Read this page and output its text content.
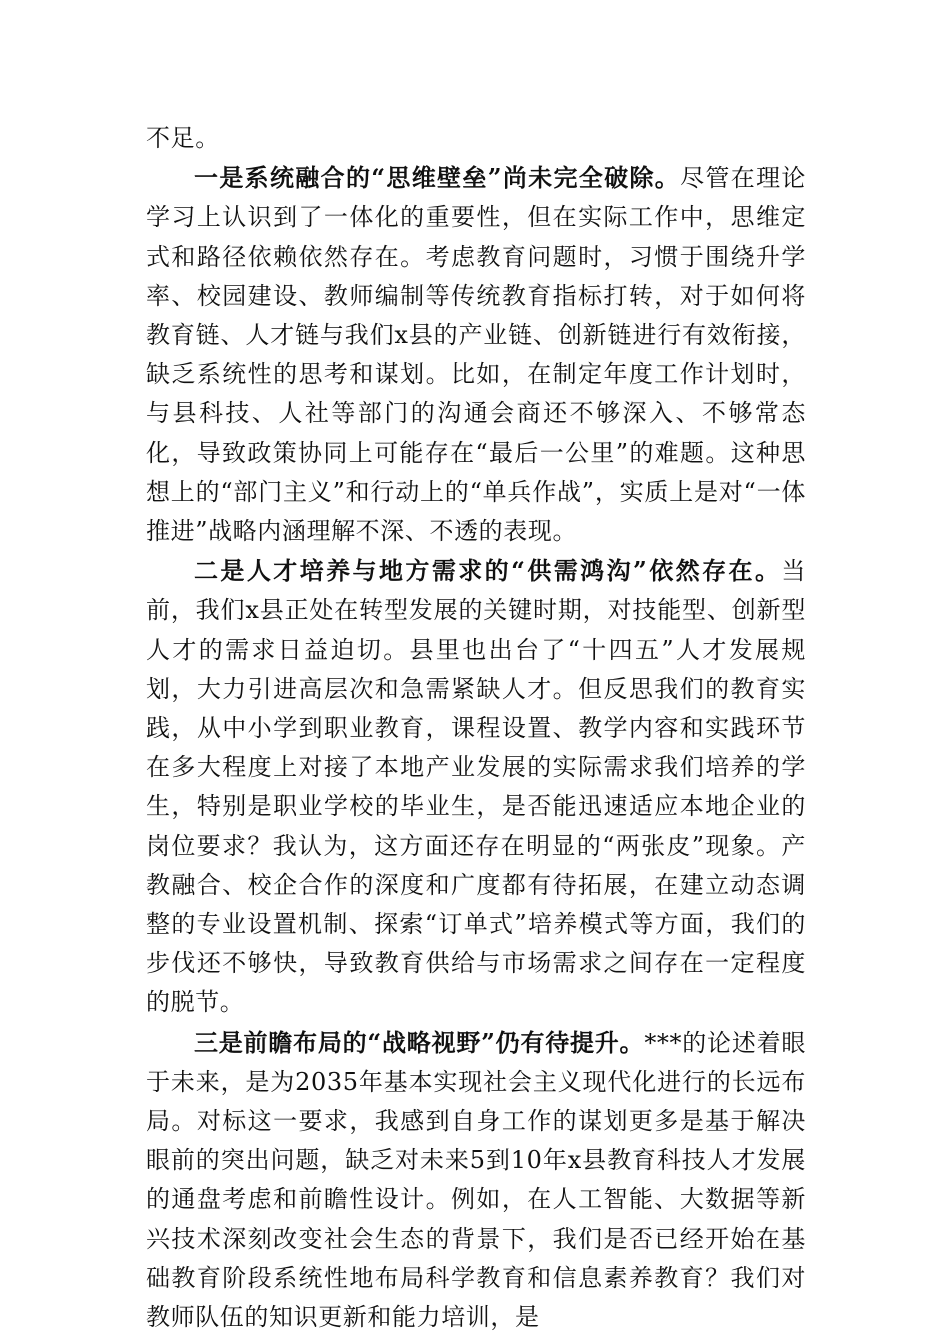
不足。

一是系统融合的“思维壁垒”尚未完全破除。尽管在理论学习上认识到了一体化的重要性，但在实际工作中，思维定式和路径依赖依然存在。考虑教育问题时，习惯于围绕升学率、校园建设、教师编制等传统教育指标打转，对于如何将教育链、人才链与我们x县的产业链、创新链进行有效衔接，缺乏系统性的思考和谋划。比如，在制定年度工作计划时，与县科技、人社等部门的沟通会商还不够深入、不够常态化，导致政策协同上可能存在“最后一公里”的难题。这种思想上的“部门主义”和行动上的“单兵作战”，实质上是对“一体推进”战略内涵理解不深、不透的表现。

二是人才培养与地方需求的“供需鸿沟”依然存在。当前，我们x县正处在转型发展的关键时期，对技能型、创新型人才的需求日益迫切。县里也出台了“十四五”人才发展规划，大力引进高层次和急需紧缺人才。但反思我们的教育实践，从中小学到职业教育，课程设置、教学内容和实践环节在多大程度上对接了本地产业发展的实际需求我们培养的学生，特别是职业学校的毕业生，是否能迅速适应本地企业的岗位要求？我认为，这方面还存在明显的“两张皮”现象。产教融合、校企合作的深度和广度都有待拓展，在建立动态调整的专业设置机制、探索“订单式”培养模式等方面，我们的步伐还不够快，导致教育供给与市场需求之间存在一定程度的脱节。

三是前瞻布局的“战略视野”仍有待提升。***的论述着眼于未来，是为2035年基本实现社会主义现代化进行的长远布局。对标这一要求，我感到自身工作的谋划更多是基于解决眼前的突出问题，缺乏对未来5到10年x县教育科技人才发展的通盘考虑和前瞻性设计。例如，在人工智能、大数据等新兴技术深刻改变社会生态的背景下，我们是否已经开始在基础教育阶段系统性地布局科学教育和信息素养教育？我们对教师队伍的知识更新和能力培训，是
